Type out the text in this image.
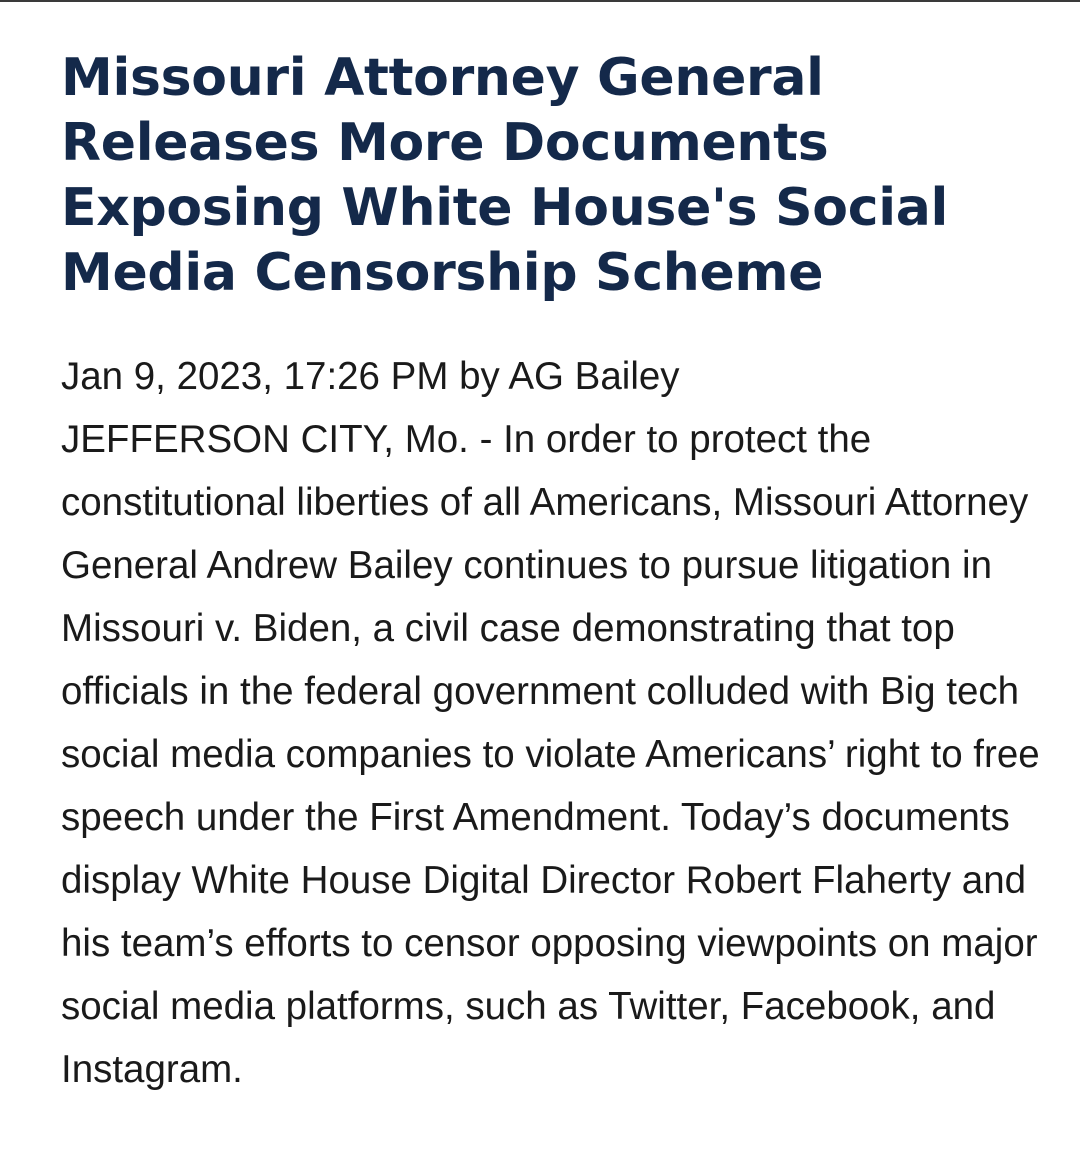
Missouri Attorney General Releases More Documents Exposing White House's Social Media Censorship Scheme

Jan 9, 2023, 17:26 PM by AG Bailey

JEFFERSON CITY, Mo. - In order to protect the constitutional liberties of all Americans, Missouri Attorney General Andrew Bailey continues to pursue litigation in Missouri v. Biden, a civil case demonstrating that top officials in the federal government colluded with Big tech social media companies to violate Americans’ right to free speech under the First Amendment. Today’s documents display White House Digital Director Robert Flaherty and his team’s efforts to censor opposing viewpoints on major social media platforms, such as Twitter, Facebook, and Instagram.
